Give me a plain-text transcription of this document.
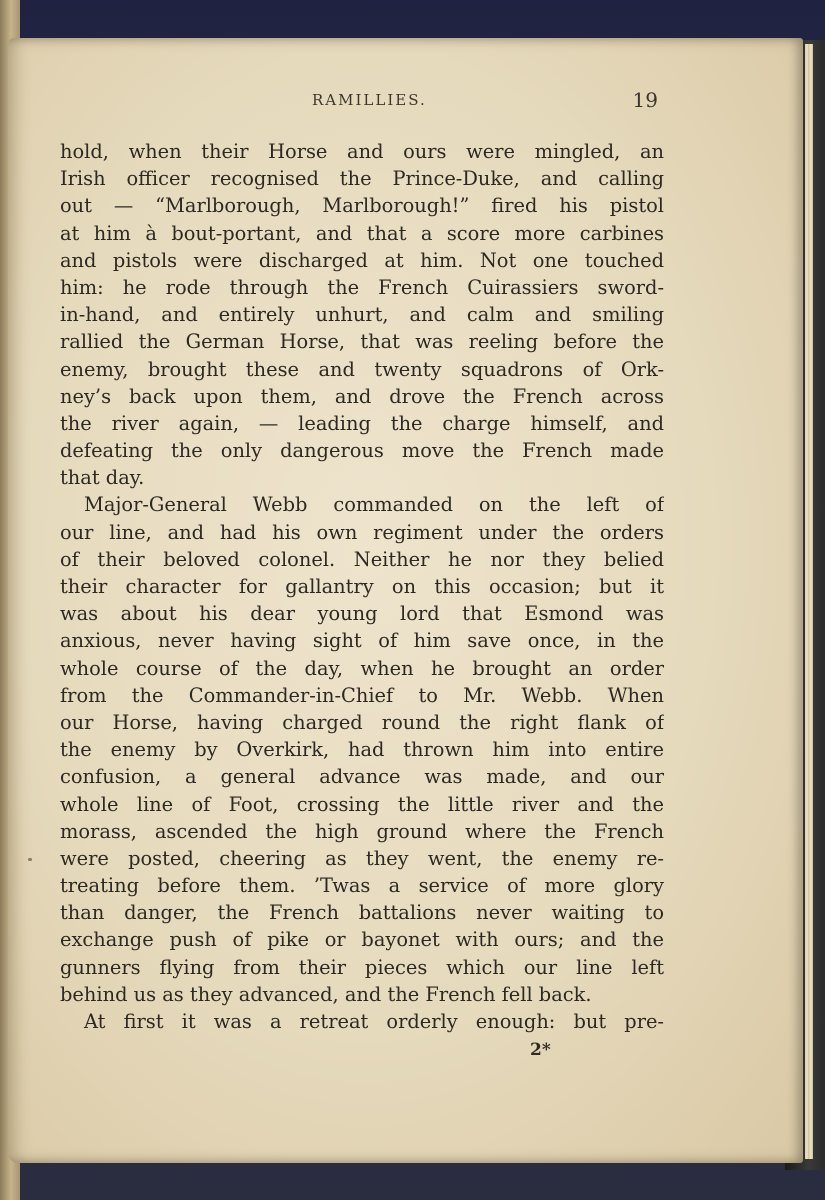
RAMILLIES.	19
hold, when their Horse and ours were mingled, an
Irish officer recognised the Prince-Duke, and calling
out — “Marlborough, Marlborough!” fired his pistol
at him à bout-portant, and that a score more carbines
and pistols were discharged at him. Not one touched
him: he rode through the French Cuirassiers sword-
in-hand, and entirely unhurt, and calm and smiling
rallied the German Horse, that was reeling before the
enemy, brought these and twenty squadrons of Ork-
ney’s back upon them, and drove the French across
the river again, — leading the charge himself, and
defeating the only dangerous move the French made
that day.
Major-General Webb commanded on the left of
our line, and had his own regiment under the orders
of their beloved colonel. Neither he nor they belied
their character for gallantry on this occasion; but it
was about his dear young lord that Esmond was
anxious, never having sight of him save once, in the
whole course of the day, when he brought an order
from the Commander-in-Chief to Mr. Webb. When
our Horse, having charged round the right flank of
the enemy by Overkirk, had thrown him into entire
confusion, a general advance was made, and our
whole line of Foot, crossing the little river and the
morass, ascended the high ground where the French
were posted, cheering as they went, the enemy re-
treating before them. ’Twas a service of more glory
than danger, the French battalions never waiting to
exchange push of pike or bayonet with ours; and the
gunners flying from their pieces which our line left
behind us as they advanced, and the French fell back.
At first it was a retreat orderly enough: but pre-
2*
